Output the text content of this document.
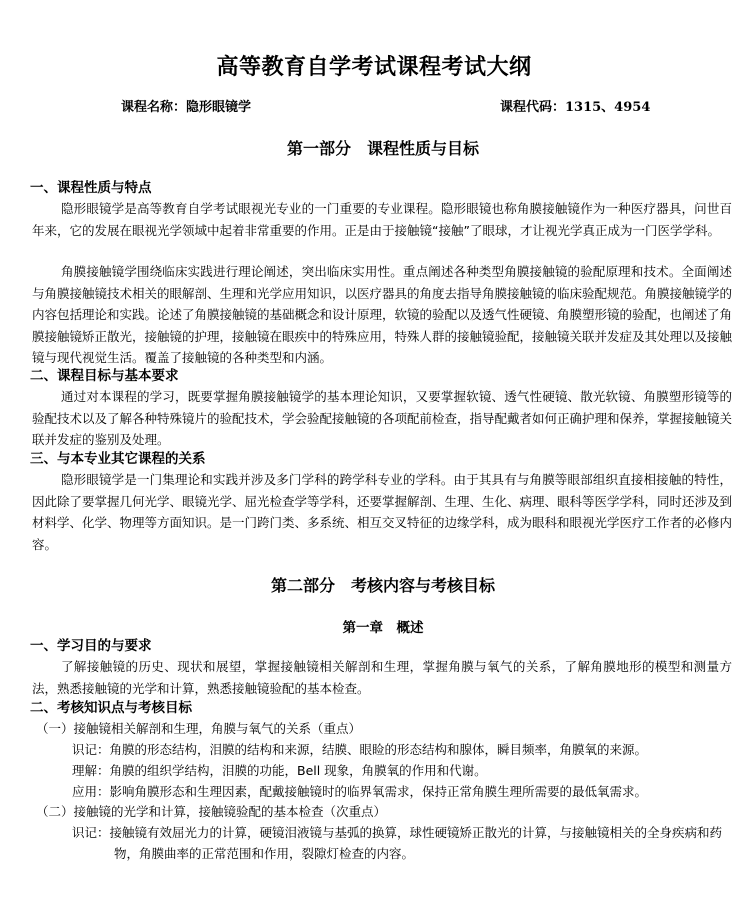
高等教育自学考试课程考试大纲
课程名称：隐形眼镜学	课程代码：1315、4954
第一部分　课程性质与目标
一、课程性质与特点

隐形眼镜学是高等教育自学考试眼视光专业的一门重要的专业课程。隐形眼镜也称角膜接触镜作为一种医疗器具，问世百年来，它的发展在眼视光学领域中起着非常重要的作用。正是由于接触镜“接触”了眼球，才让视光学真正成为一门医学学科。

角膜接触镜学围绕临床实践进行理论阐述，突出临床实用性。重点阐述各种类型角膜接触镜的验配原理和技术。全面阐述与角膜接触镜技术相关的眼解剖、生理和光学应用知识，以医疗器具的角度去指导角膜接触镜的临床验配规范。角膜接触镜学的内容包括理论和实践。论述了角膜接触镜的基础概念和设计原理，软镜的验配以及透气性硬镜、角膜塑形镜的验配，也阐述了角膜接触镜矫正散光，接触镜的护理，接触镜在眼疾中的特殊应用，特殊人群的接触镜验配，接触镜关联并发症及其处理以及接触镜与现代视觉生活。覆盖了接触镜的各种类型和内涵。

二、课程目标与基本要求

通过对本课程的学习，既要掌握角膜接触镜学的基本理论知识，又要掌握软镜、透气性硬镜、散光软镜、角膜塑形镜等的验配技术以及了解各种特殊镜片的验配技术，学会验配接触镜的各项配前检查，指导配戴者如何正确护理和保养，掌握接触镜关联并发症的鉴别及处理。

三、与本专业其它课程的关系

隐形眼镜学是一门集理论和实践并涉及多门学科的跨学科专业的学科。由于其具有与角膜等眼部组织直接相接触的特性，因此除了要掌握几何光学、眼镜光学、屈光检查学等学科，还要掌握解剖、生理、生化、病理、眼科等医学学科，同时还涉及到材料学、化学、物理等方面知识。是一门跨门类、多系统、相互交叉特征的边缘学科，成为眼科和眼视光学医疗工作者的必修内容。

第二部分　考核内容与考核目标
第一章　概述
一、学习目的与要求

了解接触镜的历史、现状和展望，掌握接触镜相关解剖和生理，掌握角膜与氧气的关系，了解角膜地形的模型和测量方法，熟悉接触镜的光学和计算，熟悉接触镜验配的基本检查。

二、考核知识点与考核目标
（一）接触镜相关解剖和生理，角膜与氧气的关系（重点）
识记：角膜的形态结构，泪膜的结构和来源，结膜、眼睑的形态结构和腺体，瞬目频率，角膜氧的来源。
理解：角膜的组织学结构，泪膜的功能，Bell 现象，角膜氧的作用和代谢。
应用：影响角膜形态和生理因素，配戴接触镜时的临界氧需求，保持正常角膜生理所需要的最低氧需求。
（二）接触镜的光学和计算，接触镜验配的基本检查（次重点）
识记：接触镜有效屈光力的计算，硬镜泪液镜与基弧的换算，球性硬镜矫正散光的计算，与接触镜相关的全身疾病和药物，角膜曲率的正常范围和作用，裂隙灯检查的内容。
